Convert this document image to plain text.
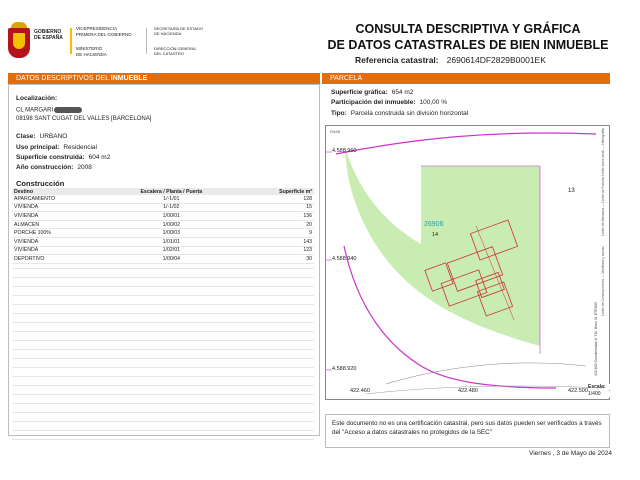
GOBIERNO
DE ESPAÑA
VICEPRESIDENCIA
PRIMERA DEL GOBIERNO
MINISTERIO
DE HACIENDA
SECRETARÍA DE ESTADO
DE HACIENDA
DIRECCIÓN GENERAL
DEL CATASTRO
CONSULTA DESCRIPTIVA Y GRÁFICA
DE DATOS CATASTRALES DE BIEN INMUEBLE
Referencia catastral: 2690614DF2829B0001EK
DATOS DESCRIPTIVOS DEL INMUEBLE
Localización:
CL MARGARI
08198 SANT CUGAT DEL VALLES [BARCELONA]
Clase: URBANO
Uso principal: Residencial
Superficie construida: 604 m2
Año construcción: 2008
Construcción
Destino	Escalera / Planta / Puerta	Superficie m²
APARCAMIENTO	1/-1/01	128
VIVIENDA	1/-1/02	15
VIVIENDA	1/00/01	136
ALMACEN	1/00/02	20
PORCHE 100%	1/00/03	9
VIVIENDA	1/01/01	143
VIVIENDA	1/02/01	123
DEPORTIVO	1/00/04	30
PARCELA
Superficie gráfica: 654 m2
Participación del inmueble: 100,00 %
Tipo: Parcela construida sin división horizontal
DHAB
4.588.960
4.588.940
4.588.920
422.460	422.480	422.500
26906
14
13
Escala:
1/400
422,800 Coordenadas U.T.M. Huso 31 ETRS89
Límite de Manzana — Límite de Parcela
Límite de Construcciones — Mobiliario y aceras
Límite zona verde — Hidrografía
Este documento no es una certificación catastral, pero sus datos pueden ser verificados a través del "Acceso a datos catastrales no protegidos de la SEC"
Viernes , 3 de Mayo de 2024
